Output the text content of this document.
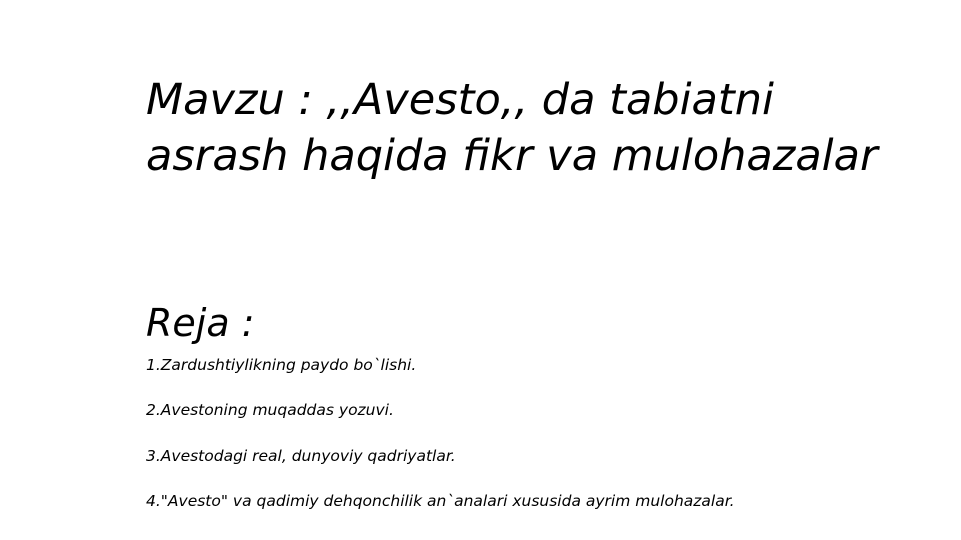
Mavzu : ,,Avesto,, da tabiatni asrash haqida fikr va mulohazalar
Reja :
1.Zardushtiylikning paydo bo`lishi.
2.Avestoning muqaddas yozuvi.
3.Avestodagi real, dunyoviy qadriyatlar.
4."Avesto" va qadimiy dehqonchilik an`analari xususida ayrim mulohazalar.
